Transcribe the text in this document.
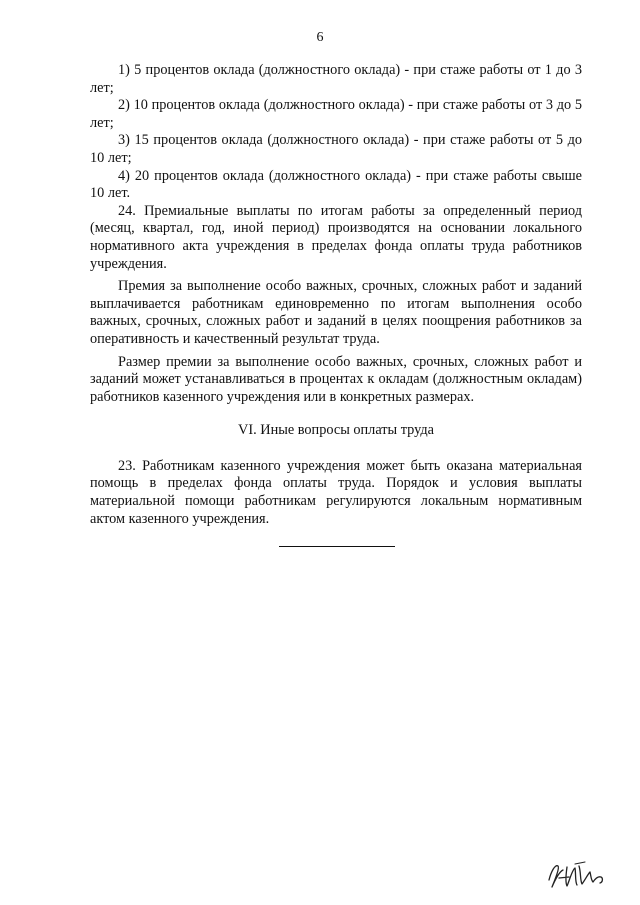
6

1) 5 процентов оклада (должностного оклада) - при стаже работы от 1 до 3 лет;

2) 10 процентов оклада (должностного оклада) - при стаже работы от 3 до 5 лет;

3) 15 процентов оклада (должностного оклада) - при стаже работы от 5 до 10 лет;

4) 20 процентов оклада (должностного оклада) - при стаже работы свыше 10 лет.

24. Премиальные выплаты по итогам работы за определенный период (месяц, квартал, год, иной период) производятся на основании локального нормативного акта учреждения в пределах фонда оплаты труда работников учреждения.

Премия за выполнение особо важных, срочных, сложных работ и заданий выплачивается работникам единовременно по итогам выполнения особо важных, срочных, сложных работ и заданий в целях поощрения работников за оперативность и качественный результат труда.

Размер премии за выполнение особо важных, срочных, сложных работ и заданий может устанавливаться в процентах к окладам (должностным окладам) работников казенного учреждения или в конкретных размерах.

VI. Иные вопросы оплаты труда

23. Работникам казенного учреждения может быть оказана материальная помощь в пределах фонда оплаты труда. Порядок и условия выплаты материальной помощи работникам регулируются локальным нормативным актом казенного учреждения.
